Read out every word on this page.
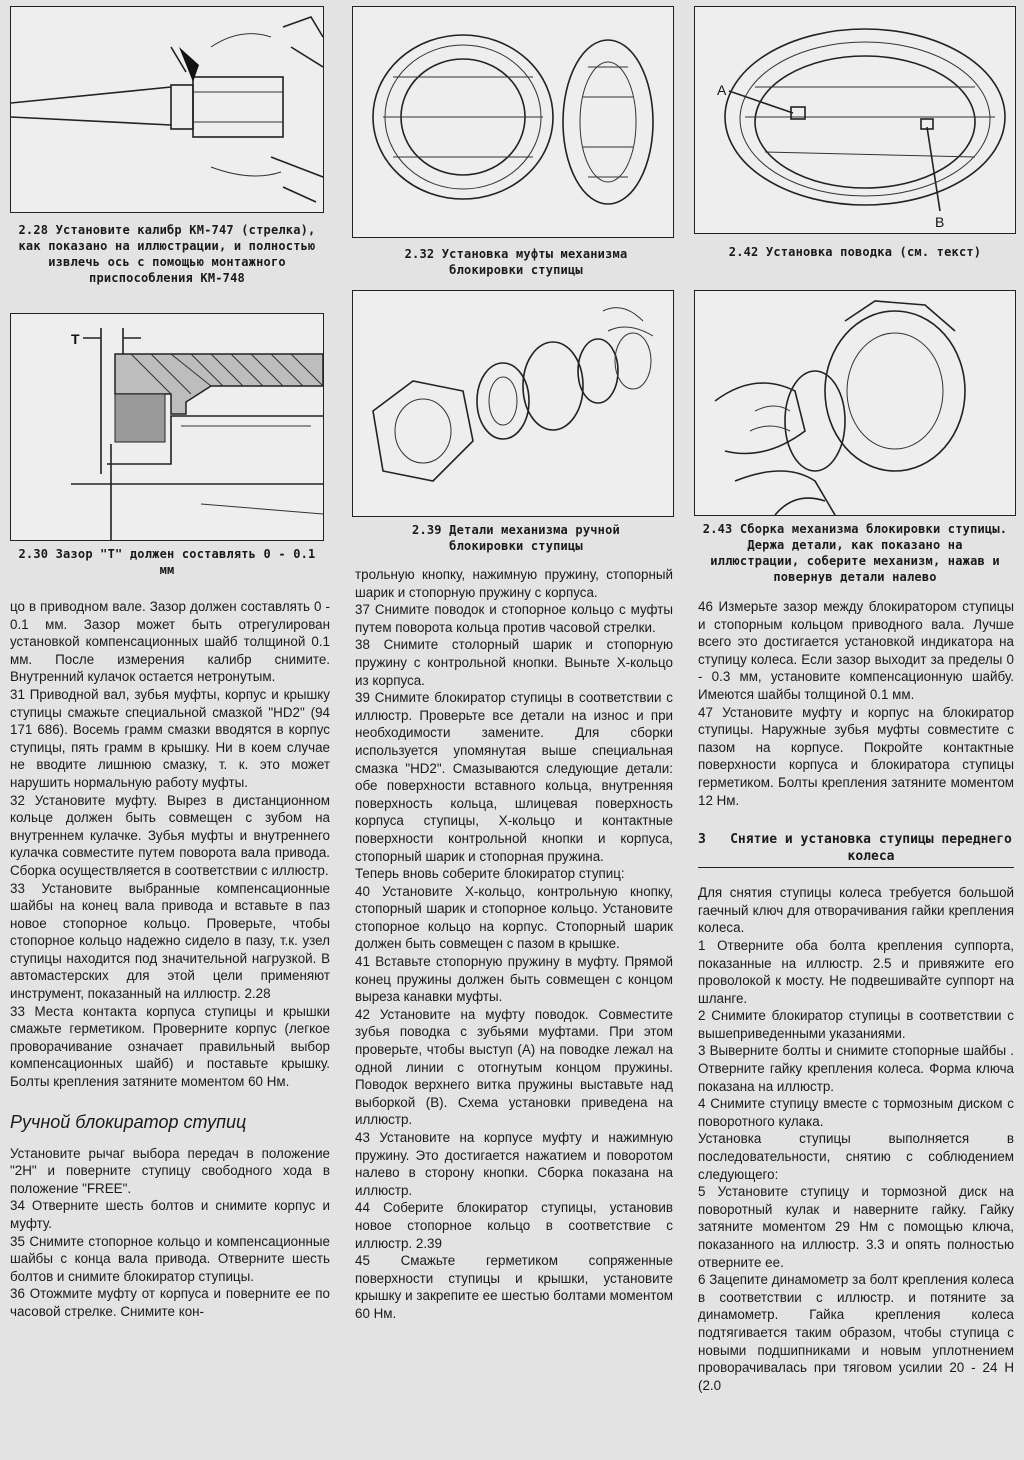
2.28 Установите калибр КМ-747 (стрелка), как показано на иллюстрации, и полностью извлечь ось с помощью монтажного приспособления КМ-748
T
2.30 Зазор "Т" должен составлять 0 - 0.1 мм
2.32 Установка муфты механизма блокировки ступицы
2.39 Детали механизма ручной блокировки ступицы
A
B
2.42 Установка поводка (см. текст)
2.43 Сборка механизма блокировки ступицы. Держа детали, как показано на иллюстрации, соберите механизм, нажав и повернув детали налево

цо в приводном вале. Зазор должен составлять 0 - 0.1 мм. Зазор может быть отрегулирован установкой компенсационных шайб толщиной 0.1 мм. После измерения калибр снимите. Внутренний кулачок остается нетронутым.

31 Приводной вал, зубья муфты, корпус и крышку ступицы смажьте специальной смазкой "HD2" (94 171 686). Восемь грамм смазки вводятся в корпус ступицы, пять грамм в крышку. Ни в коем случае не вводите лишнюю смазку, т. к. это может нарушить нормальную работу муфты.

32 Установите муфту. Вырез в дистанционном кольце должен быть совмещен с зубом на внутреннем кулачке. Зубья муфты и внутреннего кулачка совместите путем поворота вала привода. Сборка осуществляется в соответствии с иллюстр.

33 Установите выбранные компенсационные шайбы на конец вала привода и вставьте в паз новое стопорное кольцо. Проверьте, чтобы стопорное кольцо надежно сидело в пазу, т.к. узел ступицы находится под значительной нагрузкой. В автомастерских для этой цели применяют инструмент, показанный на иллюстр. 2.28

33 Места контакта корпуса ступицы и крышки смажьте герметиком. Проверните корпус (легкое проворачивание означает правильный выбор компенсационных шайб) и поставьте крышку. Болты крепления затяните моментом 60 Нм.

Ручной блокиратор ступиц

Установите рычаг выбора передач в положение "2H" и поверните ступицу свободного хода в положение "FREE".

34 Отверните шесть болтов и снимите корпус и муфту.

35 Снимите стопорное кольцо и компенсационные шайбы с конца вала привода. Отверните шесть болтов и снимите блокиратор ступицы.

36 Отожмите муфту от корпуса и поверните ее по часовой стрелке. Снимите кон-

трольную кнопку, нажимную пружину, стопорный шарик и стопорную пружину с корпуса.

37 Снимите поводок и стопорное кольцо с муфты путем поворота кольца против часовой стрелки.

38 Снимите столорный шарик и стопорную пружину с контрольной кнопки. Выньте Х-кольцо из корпуса.

39 Снимите блокиратор ступицы в соответствии с иллюстр. Проверьте все детали на износ и при необходимости замените. Для сборки используется упомянутая выше специальная смазка "HD2". Смазываются следующие детали: обе поверхности вставного кольца, внутренняя поверхность кольца, шлицевая поверхность корпуса ступицы, Х-кольцо и контактные поверхности контрольной кнопки и корпуса, стопорный шарик и стопорная пружина.

Теперь вновь соберите блокиратор ступиц:

40 Установите Х-кольцо, контрольную кнопку, стопорный шарик и стопорное кольцо. Установите стопорное кольцо на корпус. Стопорный шарик должен быть совмещен с пазом в крышке.

41 Вставьте стопорную пружину в муфту. Прямой конец пружины должен быть совмещен с концом выреза канавки муфты.

42 Установите на муфту поводок. Совместите зубья поводка с зубьями муфтами. При этом проверьте, чтобы выступ (А) на поводке лежал на одной линии с отогнутым концом пружины. Поводок верхнего витка пружины выставьте над выборкой (В). Схема установки приведена на иллюстр.

43 Установите на корпусе муфту и нажимную пружину. Это достигается нажатием и поворотом налево в сторону кнопки. Сборка показана на иллюстр.

44 Соберите блокиратор ступицы, установив новое стопорное кольцо в соответствие с иллюстр. 2.39

45 Смажьте герметиком сопряженные поверхности ступицы и крышки, установите крышку и закрепите ее шестью болтами моментом 60 Нм.

46 Измерьте зазор между блокиратором ступицы и стопорным кольцом приводного вала. Лучше всего это достигается установкой индикатора на ступицу колеса. Если зазор выходит за пределы 0 - 0.3 мм, установите компенсационную шайбу. Имеются шайбы толщиной 0.1 мм.

47 Установите муфту и корпус на блокиратор ступицы. Наружные зубья муфты совместите с пазом на корпусе. Покройте контактные поверхности корпуса и блокиратора ступицы герметиком. Болты крепления затяните моментом 12 Нм.

3	Снятие и установка ступицы переднего колеса

Для снятия ступицы колеса требуется большой гаечный ключ для отворачивания гайки крепления колеса.

1 Отверните оба болта крепления суппорта, показанные на иллюстр. 2.5 и привяжите его проволокой к мосту. Не подвешивайте суппорт на шланге.

2 Снимите блокиратор ступицы в соответствии с вышеприведенными указаниями.

3 Выверните болты и снимите стопорные шайбы . Отверните гайку крепления колеса. Форма ключа показана на иллюстр.

4 Снимите ступицу вместе с тормозным диском с поворотного кулака.

Установка ступицы выполняется в последовательности, снятию с соблюдением следующего:

5 Установите ступицу и тормозной диск на поворотный кулак и наверните гайку. Гайку затяните моментом 29 Нм с помощью ключа, показанного на иллюстр. 3.3 и опять полностью отверните ее.

6 Зацепите динамометр за болт крепления колеса в соответствии с иллюстр. и потяните за динамометр. Гайка крепления колеса подтягивается таким образом, чтобы ступица с новыми подшипниками и новым уплотнением проворачивалась при тяговом усилии 20 - 24 Н (2.0
